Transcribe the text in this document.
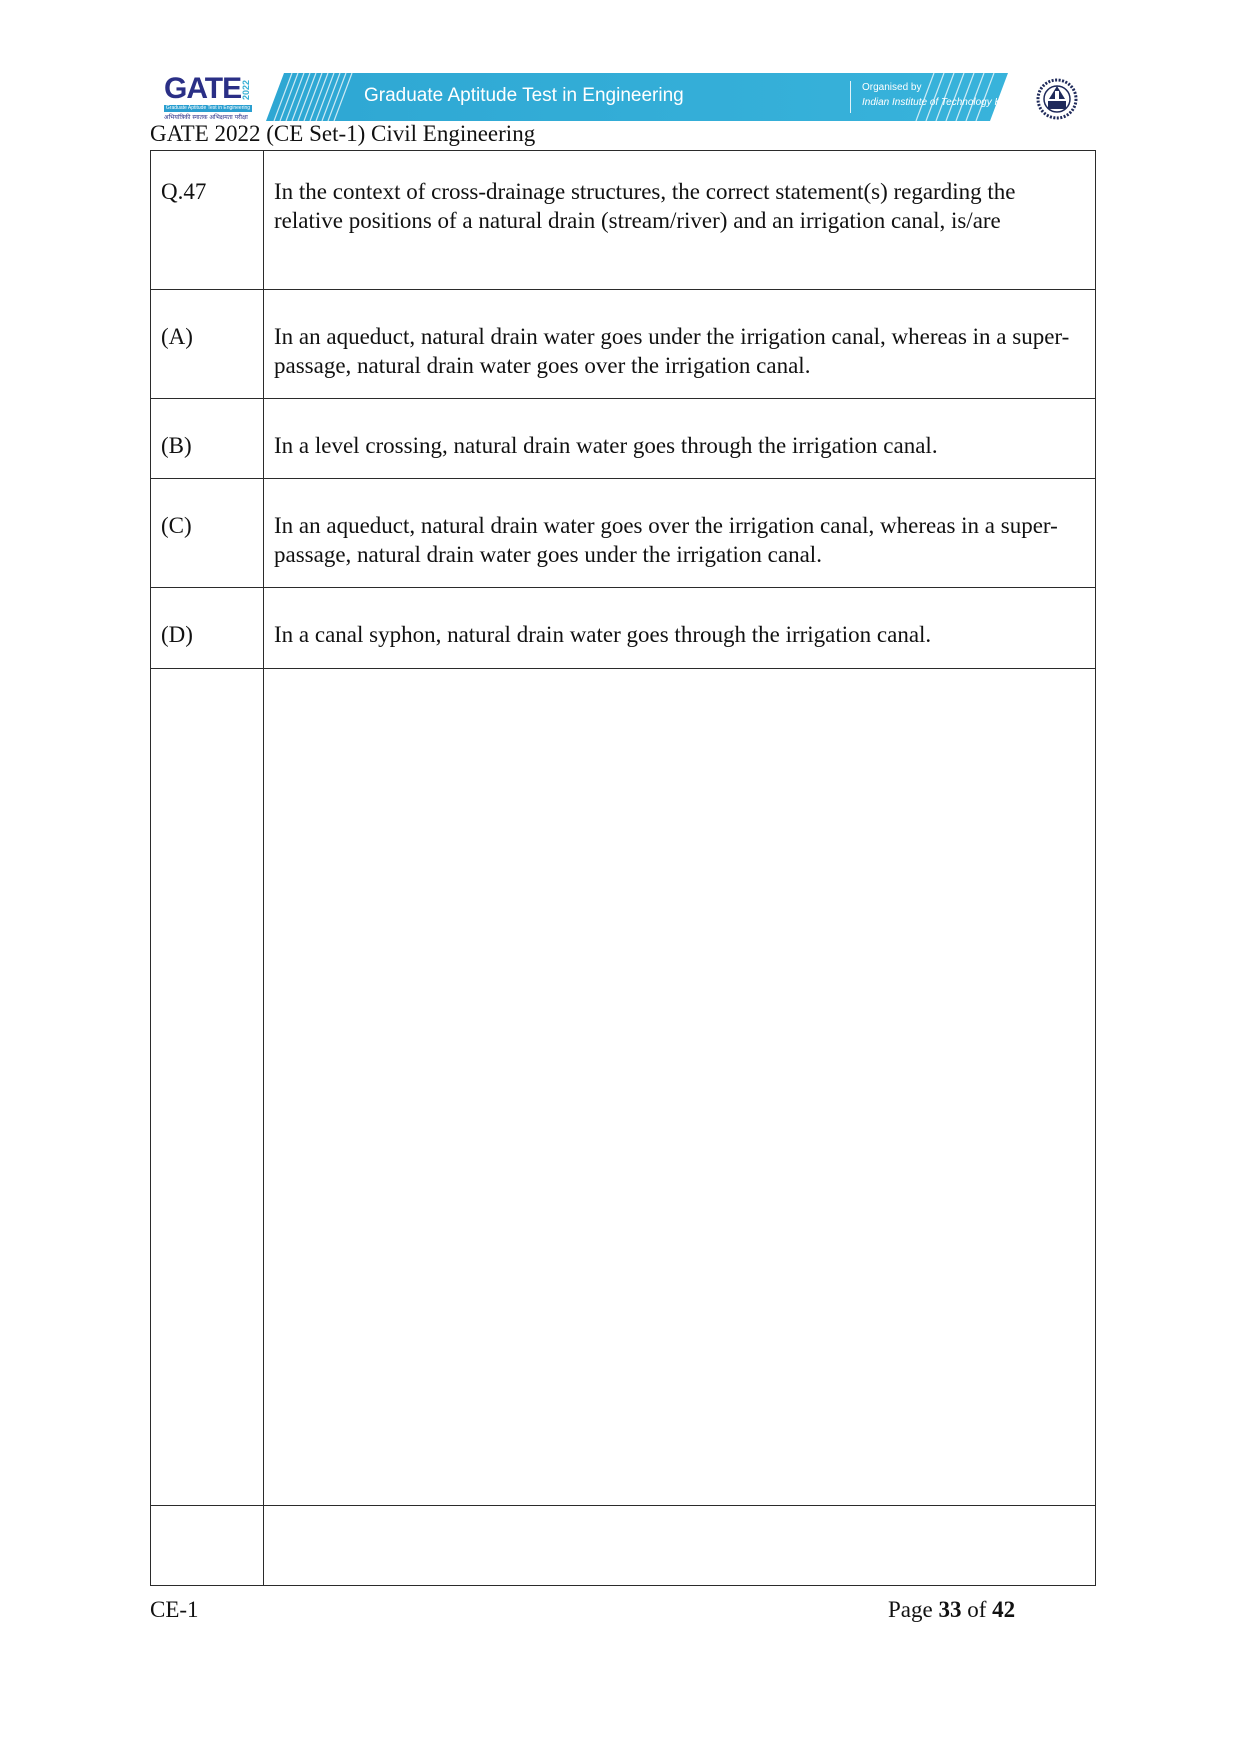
GATE 2022
Graduate Aptitude Test in Engineering
अभियांत्रिकी स्नातक अभिक्षमता परीक्षा
Graduate Aptitude Test in Engineering	Organised by
Indian Institute of Technology Kharagpur
GATE 2022 (CE Set-1) Civil Engineering
Q.47	In the context of cross-drainage structures, the correct statement(s) regarding the relative positions of a natural drain (stream/river) and an irrigation canal, is/are

(A)	In an aqueduct, natural drain water goes under the irrigation canal, whereas in a super-passage, natural drain water goes over the irrigation canal.

(B)	In a level crossing, natural drain water goes through the irrigation canal.

(C)	In an aqueduct, natural drain water goes over the irrigation canal, whereas in a super-passage, natural drain water goes under the irrigation canal.

(D)	In a canal syphon, natural drain water goes through the irrigation canal.

CE-1	Page 33 of 42
